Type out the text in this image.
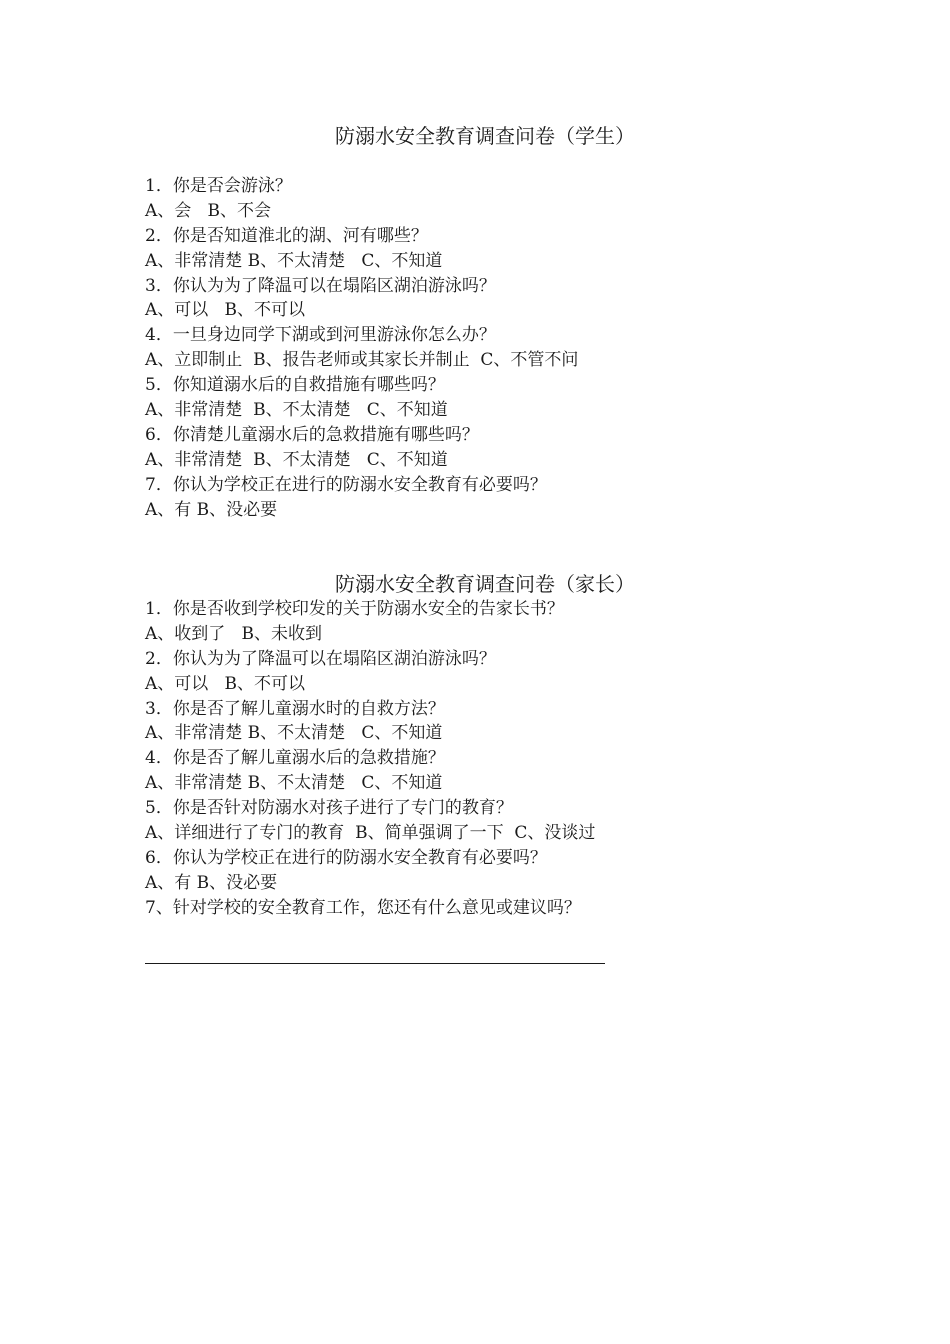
防溺水安全教育调查问卷（学生）
1．你是否会游泳？
A、会   B、不会
2．你是否知道淮北的湖、河有哪些？
A、非常清楚 B、不太清楚   C、不知道
3．你认为为了降温可以在塌陷区湖泊游泳吗？
A、可以   B、不可以
4．一旦身边同学下湖或到河里游泳你怎么办？
A、立即制止  B、报告老师或其家长并制止  C、不管不问
5．你知道溺水后的自救措施有哪些吗？
A、非常清楚  B、不太清楚   C、不知道
6．你清楚儿童溺水后的急救措施有哪些吗？
A、非常清楚  B、不太清楚   C、不知道
7．你认为学校正在进行的防溺水安全教育有必要吗？
A、有 B、没必要
防溺水安全教育调查问卷（家长）
1．你是否收到学校印发的关于防溺水安全的告家长书？
A、收到了   B、未收到
2．你认为为了降温可以在塌陷区湖泊游泳吗？
A、可以   B、不可以
3．你是否了解儿童溺水时的自救方法？
A、非常清楚 B、不太清楚   C、不知道
4．你是否了解儿童溺水后的急救措施？
A、非常清楚 B、不太清楚   C、不知道
5．你是否针对防溺水对孩子进行了专门的教育？
A、详细进行了专门的教育  B、简单强调了一下  C、没谈过
6．你认为学校正在进行的防溺水安全教育有必要吗？
A、有 B、没必要
7、针对学校的安全教育工作，您还有什么意见或建议吗？
